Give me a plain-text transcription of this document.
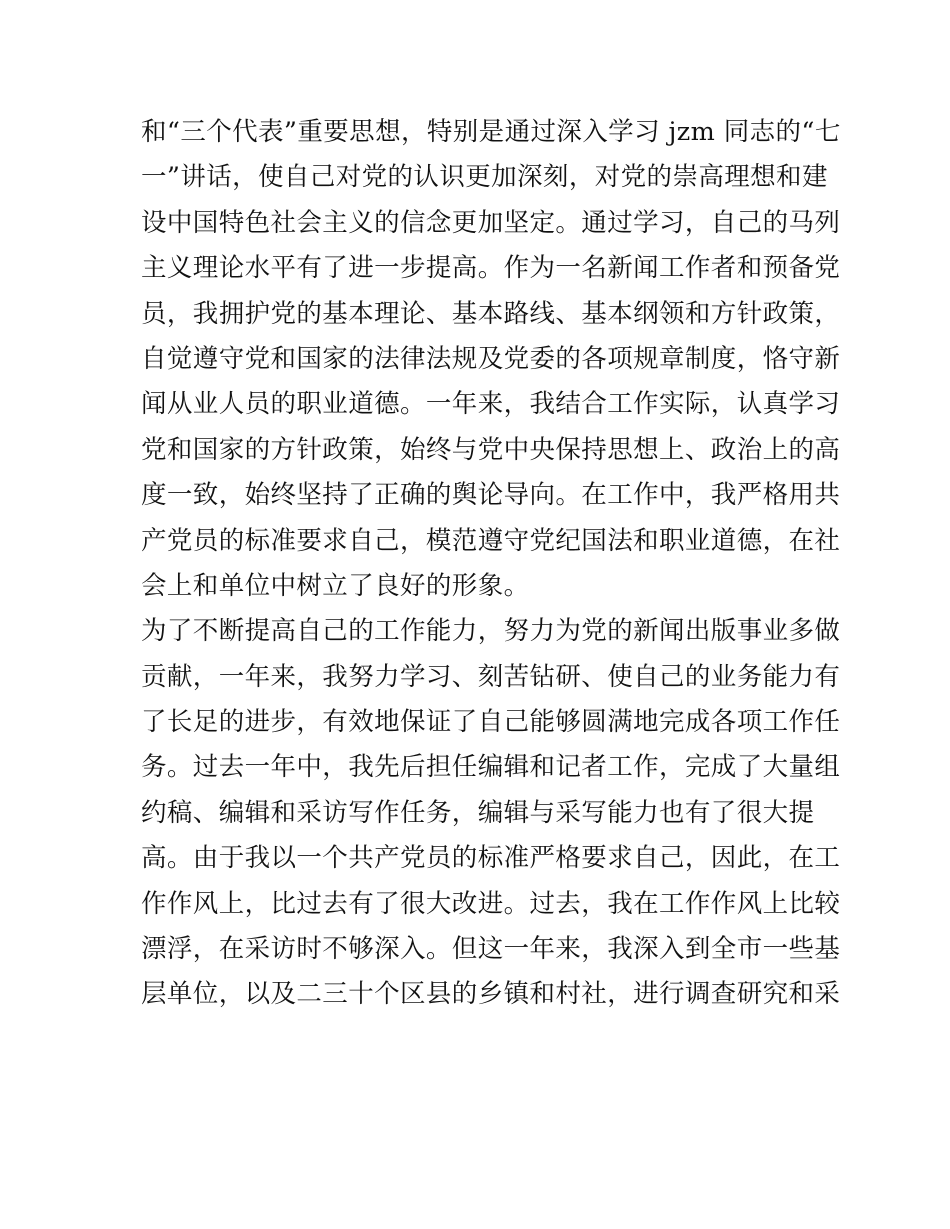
和“三个代表”重要思想，特别是通过深入学习 jzm 同志的“七
一”讲话，使自己对党的认识更加深刻，对党的崇高理想和建
设中国特色社会主义的信念更加坚定。通过学习，自己的马列
主义理论水平有了进一步提高。作为一名新闻工作者和预备党
员，我拥护党的基本理论、基本路线、基本纲领和方针政策，
自觉遵守党和国家的法律法规及党委的各项规章制度，恪守新
闻从业人员的职业道德。一年来，我结合工作实际，认真学习
党和国家的方针政策，始终与党中央保持思想上、政治上的高
度一致，始终坚持了正确的舆论导向。在工作中，我严格用共
产党员的标准要求自己，模范遵守党纪国法和职业道德，在社
会上和单位中树立了良好的形象。
为了不断提高自己的工作能力，努力为党的新闻出版事业多做
贡献，一年来，我努力学习、刻苦钻研、使自己的业务能力有
了长足的进步，有效地保证了自己能够圆满地完成各项工作任
务。过去一年中，我先后担任编辑和记者工作，完成了大量组
约稿、编辑和采访写作任务，编辑与采写能力也有了很大提
高。由于我以一个共产党员的标准严格要求自己，因此，在工
作作风上，比过去有了很大改进。过去，我在工作作风上比较
漂浮，在采访时不够深入。但这一年来，我深入到全市一些基
层单位，以及二三十个区县的乡镇和村社，进行调查研究和采
